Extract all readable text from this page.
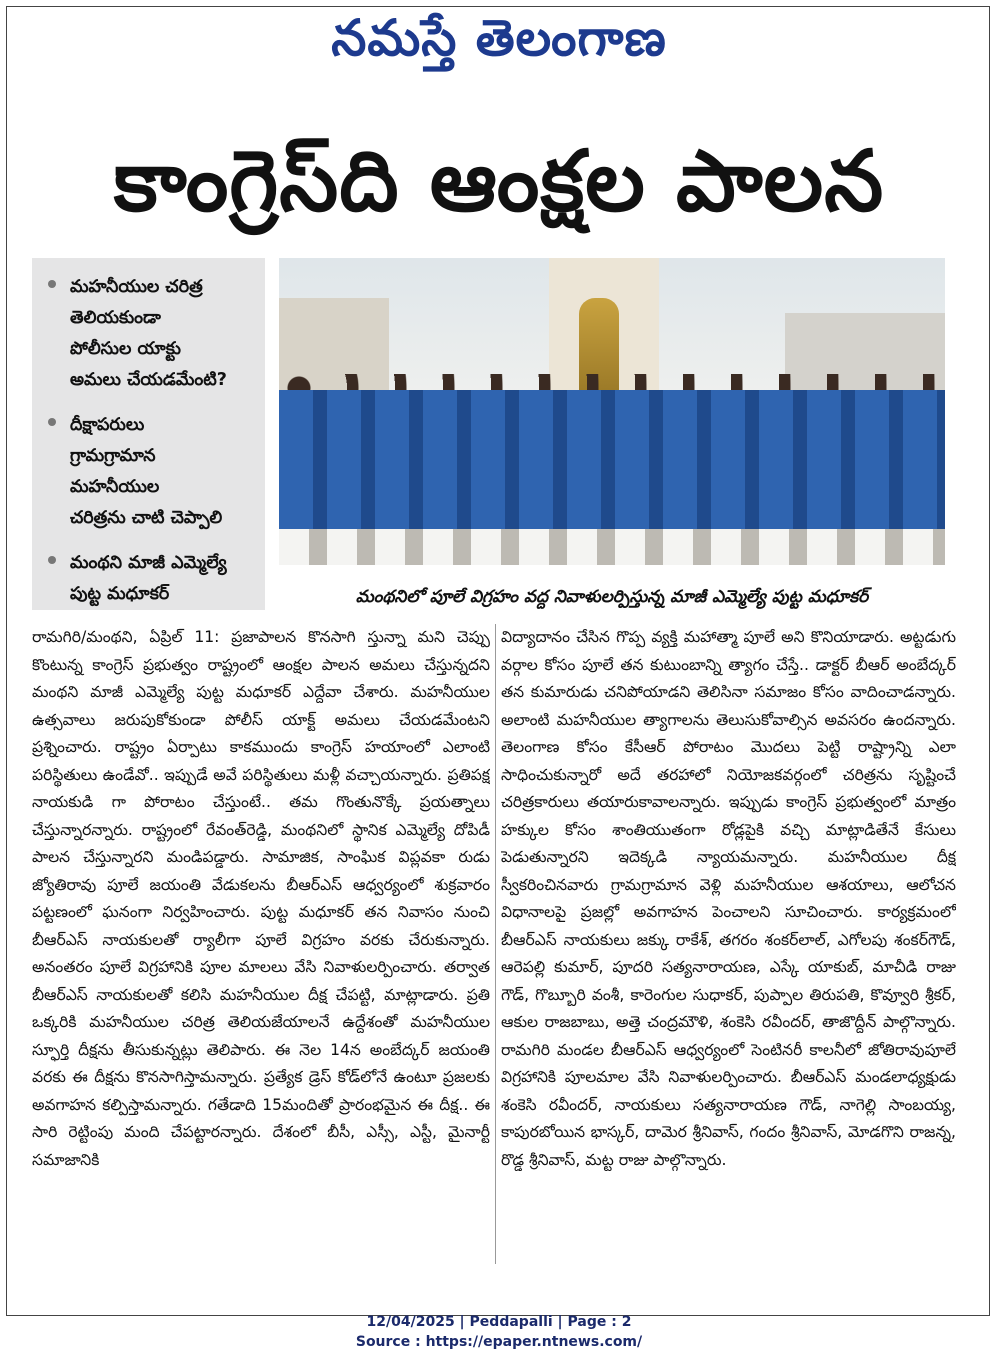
నమస్తే తెలంగాణ
కాంగ్రెస్‌ది ఆంక్షల పాలన
మహనీయుల చరిత్ర
తెలియకుండా
పోలీసుల యాక్టు
అమలు చేయడమేంటి?
దీక్షాపరులు
గ్రామగ్రామాన
మహనీయుల
చరిత్రను చాటి చెప్పాలి
మంథని మాజీ ఎమ్మెల్యే
పుట్ట మధూకర్	మంథనిలో పూలే విగ్రహం వద్ద నివాళులర్పిస్తున్న మాజీ ఎమ్మెల్యే పుట్ట మధూకర్

రామగిరి/మంథని, ఏప్రిల్ 11: ప్రజాపాలన కొనసాగి స్తున్నా మని చెప్పు కొంటున్న కాంగ్రెస్ ప్రభుత్వం రాష్ట్రంలో ఆంక్షల పాలన అమలు చేస్తున్నదని మంథని మాజీ ఎమ్మెల్యే పుట్ట మధూకర్ ఎద్దేవా చేశారు. మహనీయుల ఉత్సవాలు జరుపుకోకుండా పోలీస్ యాక్ట్ అమలు చేయడమేంటని ప్రశ్నించారు. రాష్ట్రం ఏర్పాటు కాకముందు కాంగ్రెస్ హయాంలో ఎలాంటి పరిస్థితులు ఉండేవో.. ఇప్పుడే అవే పరిస్థితులు మళ్లీ వచ్చాయన్నారు. ప్రతిపక్ష నాయకుడి గా పోరాటం చేస్తుంటే.. తమ గొంతునొక్కే ప్రయత్నాలు చేస్తున్నారన్నారు. రాష్ట్రంలో రేవంత్‌రెడ్డి, మంథనిలో స్థానిక ఎమ్మెల్యే దోపిడీ పాలన చేస్తున్నారని మండిపడ్డారు. సామాజిక, సాంఘిక విప్లవకా రుడు జ్యోతిరావు పూలే జయంతి వేడుకలను బీఆర్‌ఎస్ ఆధ్వర్యంలో శుక్రవారం పట్టణంలో ఘనంగా నిర్వహించారు. పుట్ట మధూకర్ తన నివాసం నుంచి బీఆర్‌ఎస్ నాయకులతో ర్యాలీగా పూలే విగ్రహం వరకు చేరుకున్నారు. అనంతరం పూలే విగ్రహానికి పూల మాలలు వేసి నివాళులర్పించారు. తర్వాత బీఆర్‌ఎస్ నాయకులతో కలిసి మహనీయుల దీక్ష చేపట్టి, మాట్లాడారు. ప్రతి ఒక్కరికి మహనీయుల చరిత్ర తెలియజేయాలనే ఉద్దేశంతో మహనీయుల స్ఫూర్తి దీక్షను తీసుకున్నట్లు తెలిపారు. ఈ నెల 14న అంబేద్కర్ జయంతి వరకు ఈ దీక్షను కొనసాగిస్తామన్నారు. ప్రత్యేక డ్రెస్ కోడ్‌లోనే ఉంటూ ప్రజలకు అవగాహన కల్పిస్తామన్నారు. గతేడాది 15మందితో ప్రారంభమైన ఈ దీక్ష.. ఈ సారి రెట్టింపు మంది చేపట్టారన్నారు. దేశంలో బీసీ, ఎస్సీ, ఎస్టీ, మైనార్టీ సమాజానికి

విద్యాదానం చేసిన గొప్ప వ్యక్తి మహాత్మా పూలే అని కొనియాడారు. అట్టడుగు వర్గాల కోసం పూలే తన కుటుంబాన్ని త్యాగం చేస్తే.. డాక్టర్ బీఆర్ అంబేద్కర్ తన కుమారుడు చనిపోయాడని తెలిసినా సమాజం కోసం వాదించాడన్నారు. అలాంటి మహనీయుల త్యాగాలను తెలుసుకోవాల్సిన అవసరం ఉందన్నారు. తెలంగాణ కోసం కేసీఆర్ పోరాటం మొదలు పెట్టి రాష్ట్రాన్ని ఎలా సాధించుకున్నారో అదే తరహాలో నియోజకవర్గంలో చరిత్రను సృష్టించే చరిత్రకారులు తయారుకావాలన్నారు. ఇప్పుడు కాంగ్రెస్ ప్రభుత్వంలో మాత్రం హక్కుల కోసం శాంతియుతంగా రోడ్లపైకి వచ్చి మాట్లాడితేనే కేసులు పెడుతున్నారని ఇదెక్కడి న్యాయమన్నారు. మహనీయుల దీక్ష స్వీకరించినవారు గ్రామగ్రామాన వెళ్లి మహనీయుల ఆశయాలు, ఆలోచన విధానాలపై ప్రజల్లో అవగాహన పెంచాలని సూచించారు. కార్యక్రమంలో బీఆర్‌ఎస్ నాయకులు జక్కు రాకేశ్, తగరం శంకర్‌లాల్, ఎగోలపు శంకర్‌గౌడ్, ఆరెపల్లి కుమార్, పూదరి సత్యనారాయణ, ఎస్కే యాకుబ్, మాచీడి రాజు గౌడ్, గొబ్బూరి వంశీ, కారెంగుల సుధాకర్, పుప్పాల తిరుపతి, కొవ్వూరి శ్రీకర్, ఆకుల రాజబాబు, అత్తె చంద్రమౌళి, శంకెసి రవీందర్, తాజొద్దీన్ పాల్గొన్నారు. రామగిరి మండల బీఆర్‌ఎస్ ఆధ్వర్యంలో సెంటినరీ కాలనీలో జోతిరావుపూలే విగ్రహానికి పూలమాల వేసి నివాళులర్పించారు. బీఆర్‌ఎస్ మండలాధ్యక్షుడు శంకెసి రవీందర్, నాయకులు సత్యనారాయణ గౌడ్, నాగెల్లి సాంబయ్య, కాపురబోయిన భాస్కర్, దామెర శ్రీనివాస్, గందం శ్రీనివాస్, మోడగొని రాజన్న, రొడ్డ శ్రీనివాస్, మట్ట రాజు పాల్గొన్నారు.

12/04/2025 | Peddapalli | Page : 2
Source : https://epaper.ntnews.com/
